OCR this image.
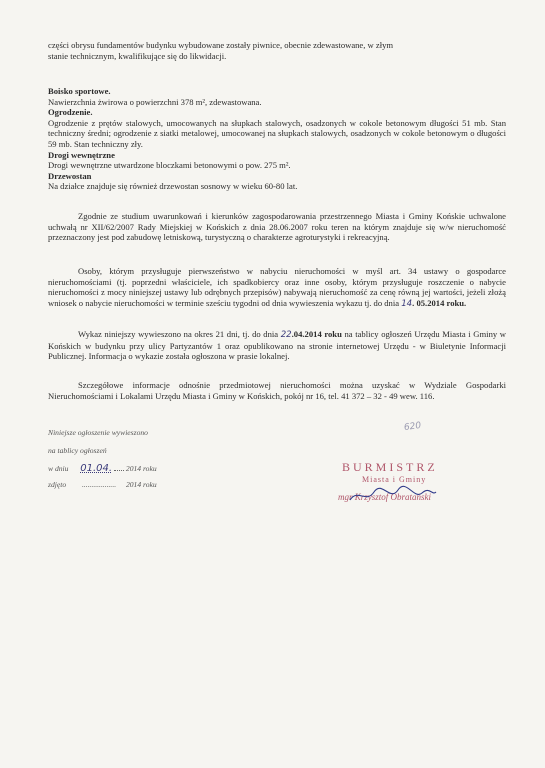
części obrysu fundamentów budynku wybudowane zostały piwnice, obecnie zdewastowane, w złym

stanie technicznym, kwalifikujące się do likwidacji.

Boisko sportowe.

Nawierzchnia żwirowa o powierzchni 378 m², zdewastowana.

Ogrodzenie.

Ogrodzenie z prętów stalowych, umocowanych na słupkach stalowych, osadzonych w cokole betonowym długości 51 mb. Stan techniczny średni; ogrodzenie z siatki metalowej, umocowanej na słupkach stalowych, osadzonych w cokole betonowym o długości 59 mb. Stan techniczny zły.

Drogi wewnętrzne

Drogi wewnętrzne utwardzone bloczkami betonowymi o pow. 275 m².

Drzewostan

Na działce znajduje się również drzewostan sosnowy w wieku 60-80 lat.

Zgodnie ze studium uwarunkowań i kierunków zagospodarowania przestrzennego Miasta i Gminy Końskie uchwalone uchwałą nr XII/62/2007 Rady Miejskiej w Końskich z dnia 28.06.2007 roku teren na którym znajduje się w/w nieruchomość przeznaczony jest pod zabudowę letniskową, turystyczną o charakterze agroturystyki i rekreacyjną.

Osoby, którym przysługuje pierwszeństwo w nabyciu nieruchomości w myśl art. 34 ustawy o gospodarce nieruchomościami (tj. poprzedni właściciele, ich spadkobiercy oraz inne osoby, którym przysługuje roszczenie o nabycie nieruchomości z mocy niniejszej ustawy lub odrębnych przepisów) nabywają nieruchomość za cenę równą jej wartości, jeżeli złożą wniosek o nabycie nieruchomości w terminie sześciu tygodni od dnia wywieszenia wykazu tj. do dnia 14. 05.2014 roku.

Wykaz niniejszy wywieszono na okres 21 dni, tj. do dnia 22.04.2014 roku na tablicy ogłoszeń Urzędu Miasta i Gminy w Końskich w budynku przy ulicy Partyzantów 1 oraz opublikowano na stronie internetowej Urzędu - w Biuletynie Informacji Publicznej. Informacja o wykazie została ogłoszona w prasie lokalnej.

Szczegółowe informacje odnośnie przedmiotowej nieruchomości można uzyskać w Wydziale Gospodarki Nieruchomościami i Lokalami Urzędu Miasta i Gminy w Końskich, pokój nr 16, tel. 41 372 – 32 - 49 wew. 116.

Niniejsze ogłoszenie wywieszono
na tablicy ogłoszeń
w dniu 01.04. 2014 roku
zdjęto .................. 2014 roku
620
BURMISTRZ
Miasta i Gminy
mgr Krzysztof Obratański
